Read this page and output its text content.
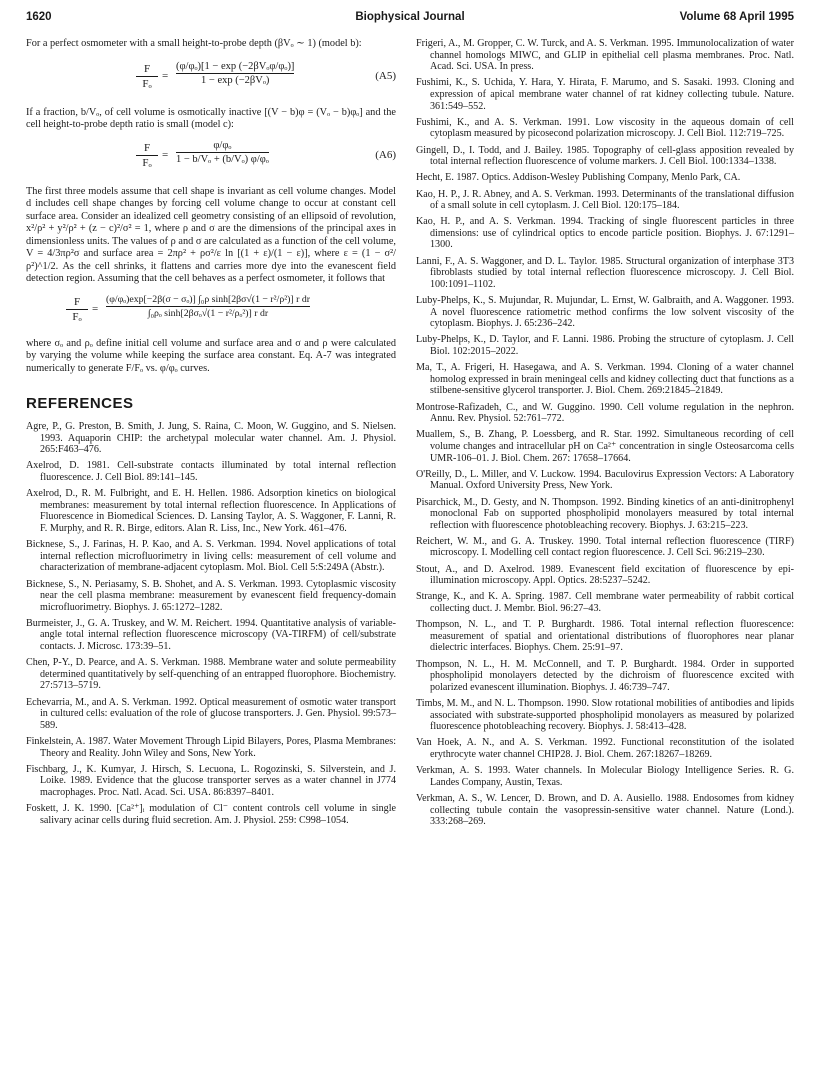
1620	Biophysical Journal	Volume 68 April 1995

For a perfect osmometer with a small height-to-probe depth (βVₒ ∼ 1) (model b):

$\frac{F}{\text{Fₒ}}$ =
(φ/φₒ)[1 − exp (−2βVₒφ/φₒ)]
1 − exp (−2βVₒ)	(A5)

If a fraction, b/Vₒ, of cell volume is osmotically inactive [(V − b)φ = (Vₒ − b)φₒ] and the cell height-to-probe depth ratio is small (model c):

$\frac{F}{\text{Fₒ}} = \frac{\text{φ/φₒ}}{\text{1 − b/Vₒ + (b/Vₒ) φ/φₒ}}$	(A6)

The first three models assume that cell shape is invariant as cell volume changes. Model d includes cell shape changes by forcing cell volume change to occur at constant cell surface area. Consider an idealized cell geometry consisting of an ellipsoid of revolution, x²/ρ² + y²/ρ² + (z − c)²/σ² = 1, where ρ and σ are the dimensions of the principal axes in dimensionless units. The values of ρ and σ are calculated as a function of the cell volume, V = 4/3πρ²σ and surface area = 2πρ² + ρσ²/ε ln [(1 + ε)/(1 − ε)], where ε = (1 − σ²/ρ²)^1/2. As the cell shrinks, it flattens and carries more dye into the evanescent field detection region. Assuming that the cell behaves as a perfect osmometer, it follows that

$\frac{F}{\text{Fₒ}}$ =
(φ/φₒ)exp[−2β(σ − σₒ)] ∫₀ρ sinh[2βσ√(1 − r²/ρ²)] r dr
∫₀ρₒ sinh[2βσₒ√(1 − r²/ρₒ²)] r dr

where σₒ and ρₒ define initial cell volume and surface area and σ and ρ were calculated by varying the volume while keeping the surface area constant. Eq. A-7 was integrated numerically to generate F/Fₒ vs. φ/φₒ curves.

REFERENCES
Agre, P., G. Preston, B. Smith, J. Jung, S. Raina, C. Moon, W. Guggino, and S. Nielsen. 1993. Aquaporin CHIP: the archetypal molecular water channel. Am. J. Physiol. 265:F463–476.
Axelrod, D. 1981. Cell-substrate contacts illuminated by total internal reflection fluorescence. J. Cell Biol. 89:141–145.
Axelrod, D., R. M. Fulbright, and E. H. Hellen. 1986. Adsorption kinetics on biological membranes: measurement by total internal reflection fluorescence. In Applications of Fluorescence in Biomedical Sciences. D. Lansing Taylor, A. S. Waggoner, F. Lanni, R. F. Murphy, and R. R. Birge, editors. Alan R. Liss, Inc., New York. 461–476.
Bicknese, S., J. Farinas, H. P. Kao, and A. S. Verkman. 1994. Novel applications of total internal reflection microfluorimetry in living cells: measurement of cell volume and characterization of membrane-adjacent cytoplasm. Mol. Biol. Cell 5:S:249A (Abstr.).
Bicknese, S., N. Periasamy, S. B. Shohet, and A. S. Verkman. 1993. Cytoplasmic viscosity near the cell plasma membrane: measurement by evanescent field frequency-domain microfluorimetry. Biophys. J. 65:1272–1282.
Burmeister, J., G. A. Truskey, and W. M. Reichert. 1994. Quantitative analysis of variable-angle total internal reflection fluorescence microscopy (VA-TIRFM) of cell/substrate contacts. J. Microsc. 173:39–51.
Chen, P-Y., D. Pearce, and A. S. Verkman. 1988. Membrane water and solute permeability determined quantitatively by self-quenching of an entrapped fluorophore. Biochemistry. 27:5713–5719.
Echevarria, M., and A. S. Verkman. 1992. Optical measurement of osmotic water transport in cultured cells: evaluation of the role of glucose transporters. J. Gen. Physiol. 99:573–589.
Finkelstein, A. 1987. Water Movement Through Lipid Bilayers, Pores, Plasma Membranes: Theory and Reality. John Wiley and Sons, New York.
Fischbarg, J., K. Kumyar, J. Hirsch, S. Lecuona, L. Rogozinski, S. Silverstein, and J. Loike. 1989. Evidence that the glucose transporter serves as a water channel in J774 macrophages. Proc. Natl. Acad. Sci. USA. 86:8397–8401.
Foskett, J. K. 1990. [Ca²⁺]ᵢ modulation of Cl⁻ content controls cell volume in single salivary acinar cells during fluid secretion. Am. J. Physiol. 259: C998–1054.
Frigeri, A., M. Gropper, C. W. Turck, and A. S. Verkman. 1995. Immunolocalization of water channel homologs MIWC, and GLIP in epithelial cell plasma membranes. Proc. Natl. Acad. Sci. USA. In press.
Fushimi, K., S. Uchida, Y. Hara, Y. Hirata, F. Marumo, and S. Sasaki. 1993. Cloning and expression of apical membrane water channel of rat kidney collecting tubule. Nature. 361:549–552.
Fushimi, K., and A. S. Verkman. 1991. Low viscosity in the aqueous domain of cell cytoplasm measured by picosecond polarization microscopy. J. Cell Biol. 112:719–725.
Gingell, D., I. Todd, and J. Bailey. 1985. Topography of cell-glass apposition revealed by total internal reflection fluorescence of volume markers. J. Cell Biol. 100:1334–1338.
Hecht, E. 1987. Optics. Addison-Wesley Publishing Company, Menlo Park, CA.
Kao, H. P., J. R. Abney, and A. S. Verkman. 1993. Determinants of the translational diffusion of a small solute in cell cytoplasm. J. Cell Biol. 120:175–184.
Kao, H. P., and A. S. Verkman. 1994. Tracking of single fluorescent particles in three dimensions: use of cylindrical optics to encode particle position. Biophys. J. 67:1291–1300.
Lanni, F., A. S. Waggoner, and D. L. Taylor. 1985. Structural organization of interphase 3T3 fibroblasts studied by total internal reflection fluorescence microscopy. J. Cell Biol. 100:1091–1102.
Luby-Phelps, K., S. Mujundar, R. Mujundar, L. Ernst, W. Galbraith, and A. Waggoner. 1993. A novel fluorescence ratiometric method confirms the low solvent viscosity of the cytoplasm. Biophys. J. 65:236–242.
Luby-Phelps, K., D. Taylor, and F. Lanni. 1986. Probing the structure of cytoplasm. J. Cell Biol. 102:2015–2022.
Ma, T., A. Frigeri, H. Hasegawa, and A. S. Verkman. 1994. Cloning of a water channel homolog expressed in brain meningeal cells and kidney collecting duct that functions as a stilbene-sensitive glycerol transporter. J. Biol. Chem. 269:21845–21849.
Montrose-Rafizadeh, C., and W. Guggino. 1990. Cell volume regulation in the nephron. Annu. Rev. Physiol. 52:761–772.
Muallem, S., B. Zhang, P. Loessberg, and R. Star. 1992. Simultaneous recording of cell volume changes and intracellular pH on Ca²⁺ concentration in single Osteosarcoma cells UMR-106–01. J. Biol. Chem. 267: 17658–17664.
O'Reilly, D., L. Miller, and V. Luckow. 1994. Baculovirus Expression Vectors: A Laboratory Manual. Oxford University Press, New York.
Pisarchick, M., D. Gesty, and N. Thompson. 1992. Binding kinetics of an anti-dinitrophenyl monoclonal Fab on supported phospholipid monolayers measured by total internal reflection with fluorescence photobleaching recovery. Biophys. J. 63:215–223.
Reichert, W. M., and G. A. Truskey. 1990. Total internal reflection fluorescence (TIRF) microscopy. I. Modelling cell contact region fluorescence. J. Cell Sci. 96:219–230.
Stout, A., and D. Axelrod. 1989. Evanescent field excitation of fluorescence by epi-illumination microscopy. Appl. Optics. 28:5237–5242.
Strange, K., and K. A. Spring. 1987. Cell membrane water permeability of rabbit cortical collecting duct. J. Membr. Biol. 96:27–43.
Thompson, N. L., and T. P. Burghardt. 1986. Total internal reflection fluorescence: measurement of spatial and orientational distributions of fluorophores near planar dielectric interfaces. Biophys. Chem. 25:91–97.
Thompson, N. L., H. M. McConnell, and T. P. Burghardt. 1984. Order in supported phospholipid monolayers detected by the dichroism of fluorescence excited with polarized evanescent illumination. Biophys. J. 46:739–747.
Timbs, M. M., and N. L. Thompson. 1990. Slow rotational mobilities of antibodies and lipids associated with substrate-supported phospholipid monolayers as measured by polarized fluorescence photobleaching recovery. Biophys. J. 58:413–428.
Van Hoek, A. N., and A. S. Verkman. 1992. Functional reconstitution of the isolated erythrocyte water channel CHIP28. J. Biol. Chem. 267:18267–18269.
Verkman, A. S. 1993. Water channels. In Molecular Biology Intelligence Series. R. G. Landes Company, Austin, Texas.
Verkman, A. S., W. Lencer, D. Brown, and D. A. Ausiello. 1988. Endosomes from kidney collecting tubule contain the vasopressin-sensitive water channel. Nature (Lond.). 333:268–269.
